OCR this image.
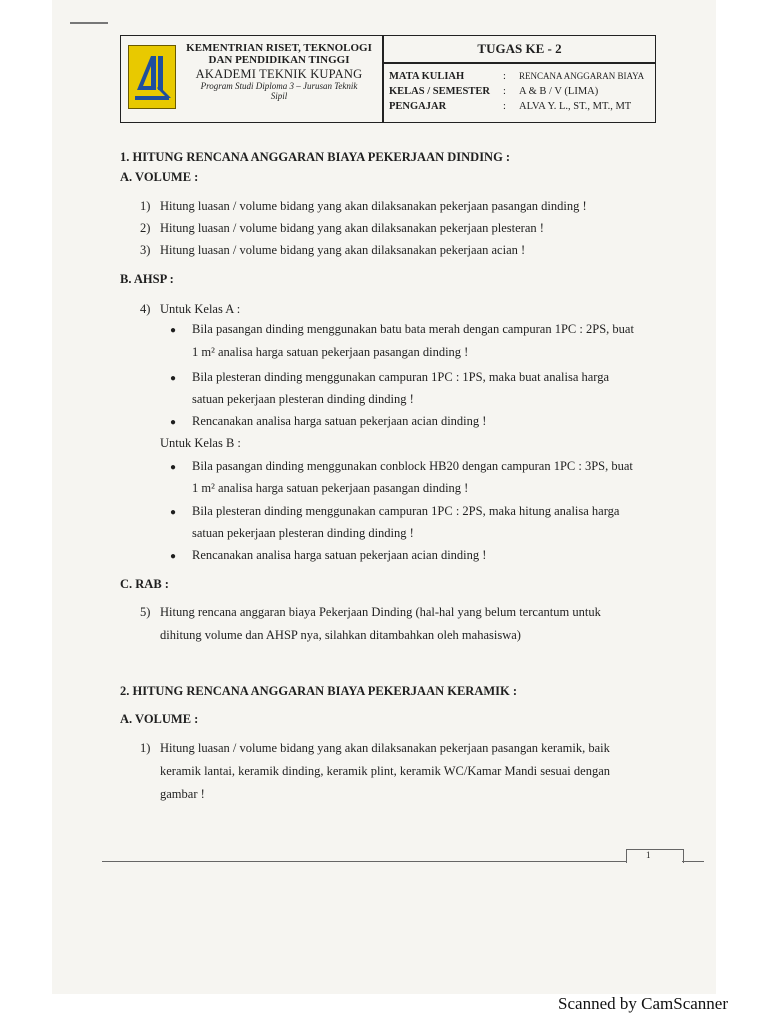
KEMENTRIAN RISET, TEKNOLOGI
DAN PENDIDIKAN TINGGI
AKADEMI TEKNIK KUPANG
Program Studi Diploma 3 – Jurusan Teknik
Sipil
TUGAS KE - 2
MATA KULIAH	: RENCANA ANGGARAN BIAYA
KELAS / SEMESTER : A & B / V (LIMA)
PENGAJAR	: ALVA Y. L., ST., MT., MT
1. HITUNG RENCANA ANGGARAN BIAYA PEKERJAAN DINDING :
A. VOLUME :
1) Hitung luasan / volume bidang yang akan dilaksanakan pekerjaan pasangan dinding !
2) Hitung luasan / volume bidang yang akan dilaksanakan pekerjaan plesteran !
3) Hitung luasan / volume bidang yang akan dilaksanakan pekerjaan acian !
B. AHSP :
4) Untuk Kelas A :
● Bila pasangan dinding menggunakan batu bata merah dengan campuran 1PC : 2PS, buat
1 m² analisa harga satuan pekerjaan pasangan dinding !
● Bila plesteran dinding menggunakan campuran 1PC : 1PS, maka buat analisa harga
satuan pekerjaan plesteran dinding dinding !
● Rencanakan analisa harga satuan pekerjaan acian dinding !
Untuk Kelas B :
● Bila pasangan dinding menggunakan conblock HB20 dengan campuran 1PC : 3PS, buat
1 m² analisa harga satuan pekerjaan pasangan dinding !
● Bila plesteran dinding menggunakan campuran 1PC : 2PS, maka hitung analisa harga
satuan pekerjaan plesteran dinding dinding !
● Rencanakan analisa harga satuan pekerjaan acian dinding !
C. RAB :
5) Hitung rencana anggaran biaya Pekerjaan Dinding (hal-hal yang belum tercantum untuk
dihitung volume dan AHSP nya, silahkan ditambahkan oleh mahasiswa)
2. HITUNG RENCANA ANGGARAN BIAYA PEKERJAAN KERAMIK :
A. VOLUME :
1) Hitung luasan / volume bidang yang akan dilaksanakan pekerjaan pasangan keramik, baik
keramik lantai, keramik dinding, keramik plint, keramik WC/Kamar Mandi sesuai dengan
gambar !
1
Scanned by CamScanner
